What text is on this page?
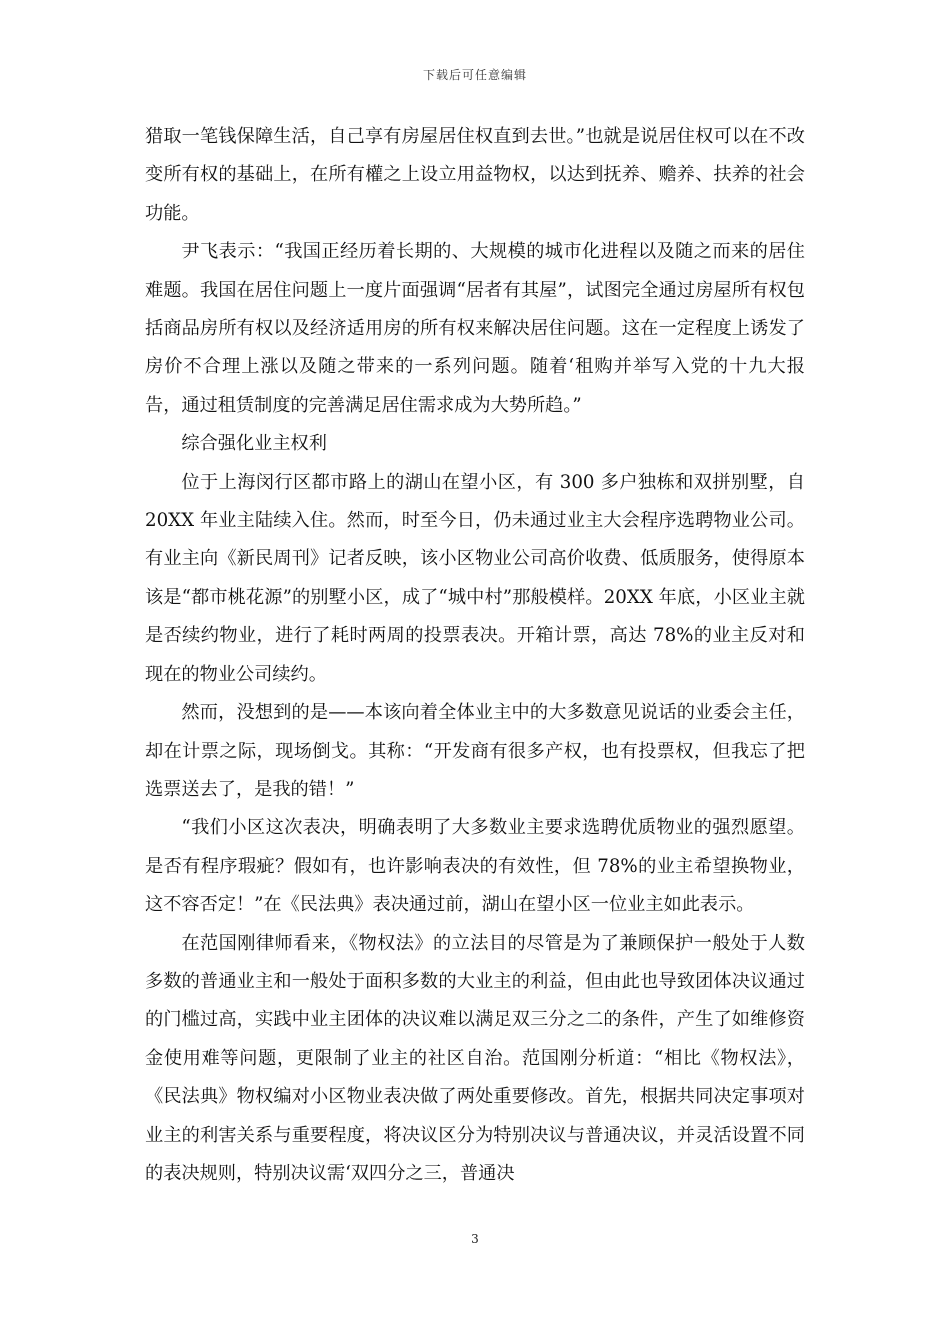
下载后可任意编辑

猎取一笔钱保障生活，自己享有房屋居住权直到去世。”也就是说居住权可以在不改变所有权的基础上，在所有權之上设立用益物权，以达到抚养、赡养、扶养的社会功能。

尹飞表示：“我国正经历着长期的、大规模的城市化进程以及随之而来的居住难题。我国在居住问题上一度片面强调“居者有其屋”，试图完全通过房屋所有权包括商品房所有权以及经济适用房的所有权来解决居住问题。这在一定程度上诱发了房价不合理上涨以及随之带来的一系列问题。随着‘租购并举写入党的十九大报告，通过租赁制度的完善满足居住需求成为大势所趋。”

综合强化业主权利

位于上海闵行区都市路上的湖山在望小区，有 300 多户独栋和双拼别墅，自 20XX 年业主陆续入住。然而，时至今日，仍未通过业主大会程序选聘物业公司。有业主向《新民周刊》记者反映，该小区物业公司高价收费、低质服务，使得原本该是“都市桃花源”的别墅小区，成了“城中村”那般模样。20XX 年底，小区业主就是否续约物业，进行了耗时两周的投票表决。开箱计票，高达 78%的业主反对和现在的物业公司续约。

然而，没想到的是——本该向着全体业主中的大多数意见说话的业委会主任，却在计票之际，现场倒戈。其称：“开发商有很多产权，也有投票权，但我忘了把选票送去了，是我的错！”

“我们小区这次表决，明确表明了大多数业主要求选聘优质物业的强烈愿望。是否有程序瑕疵？假如有，也许影响表决的有效性，但 78%的业主希望换物业，这不容否定！”在《民法典》表决通过前，湖山在望小区一位业主如此表示。

在范国刚律师看来，《物权法》的立法目的尽管是为了兼顾保护一般处于人数多数的普通业主和一般处于面积多数的大业主的利益，但由此也导致团体决议通过的门槛过高，实践中业主团体的决议难以满足双三分之二的条件，产生了如维修资金使用难等问题，更限制了业主的社区自治。范国刚分析道：“相比《物权法》，《民法典》物权编对小区物业表决做了两处重要修改。首先，根据共同决定事项对业主的利害关系与重要程度，将决议区分为特别决议与普通决议，并灵活设置不同的表决规则，特别决议需‘双四分之三，普通决

3
